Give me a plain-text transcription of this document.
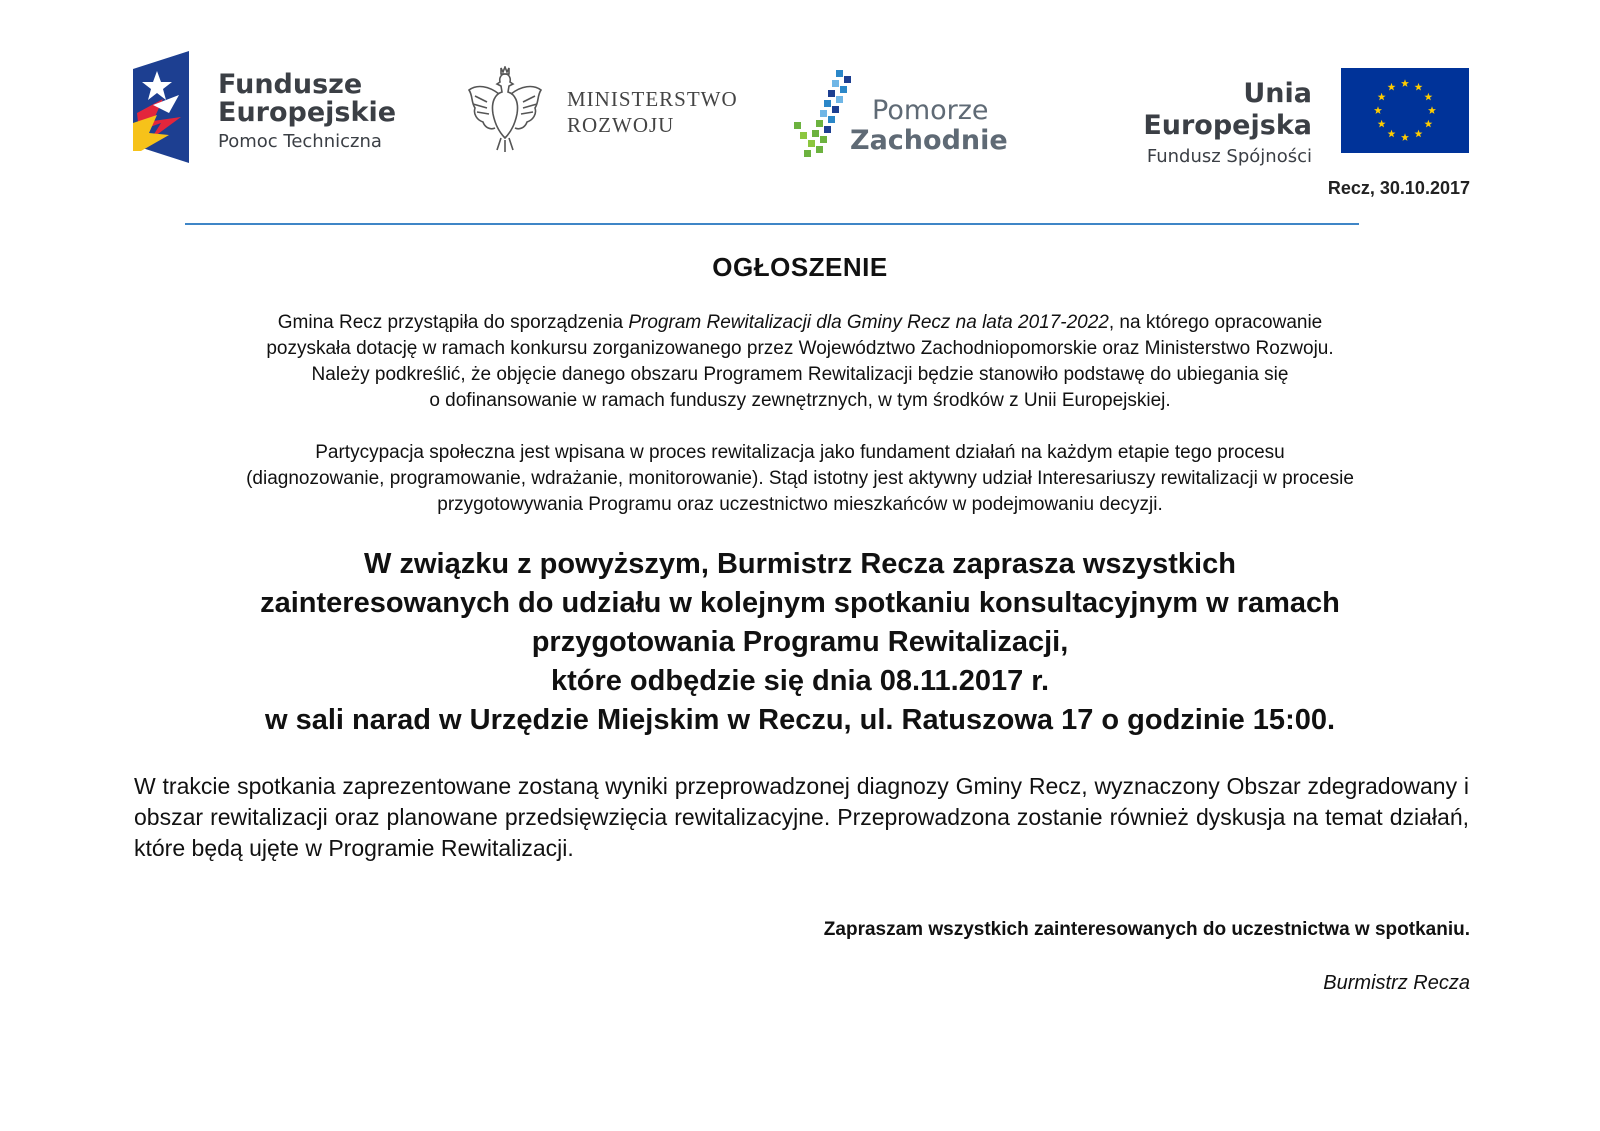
Fundusze
Europejskie
Pomoc Techniczna
MINISTERSTWO
ROZWOJU	Pomorze
Zachodnie
Unia Europejska
Fundusz Spójności
Recz, 30.10.2017
OGŁOSZENIE

Gmina Recz przystąpiła do sporządzenia Program Rewitalizacji dla Gminy Recz na lata 2017-2022, na którego opracowanie
pozyskała dotację w ramach konkursu zorganizowanego przez Województwo Zachodniopomorskie oraz Ministerstwo Rozwoju.
Należy podkreślić, że objęcie danego obszaru Programem Rewitalizacji będzie stanowiło podstawę do ubiegania się
o dofinansowanie w ramach funduszy zewnętrznych, w tym środków z Unii Europejskiej.

Partycypacja społeczna jest wpisana w proces rewitalizacja jako fundament działań na każdym etapie tego procesu
(diagnozowanie, programowanie, wdrażanie, monitorowanie). Stąd istotny jest aktywny udział Interesariuszy rewitalizacji w procesie
przygotowywania Programu oraz uczestnictwo mieszkańców w podejmowaniu decyzji.

W związku z powyższym, Burmistrz Recza zaprasza wszystkich
zainteresowanych do udziału w kolejnym spotkaniu konsultacyjnym w ramach
przygotowania Programu Rewitalizacji,
które odbędzie się dnia 08.11.2017 r.
w sali narad w Urzędzie Miejskim w Reczu, ul. Ratuszowa 17 o godzinie 15:00.

W trakcie spotkania zaprezentowane zostaną wyniki przeprowadzonej diagnozy Gminy Recz, wyznaczony Obszar zdegradowany i obszar rewitalizacji oraz planowane przedsięwzięcia rewitalizacyjne. Przeprowadzona zostanie również dyskusja na temat działań, które będą ujęte w Programie Rewitalizacji.

Zapraszam wszystkich zainteresowanych do uczestnictwa w spotkaniu.
Burmistrz Recza
